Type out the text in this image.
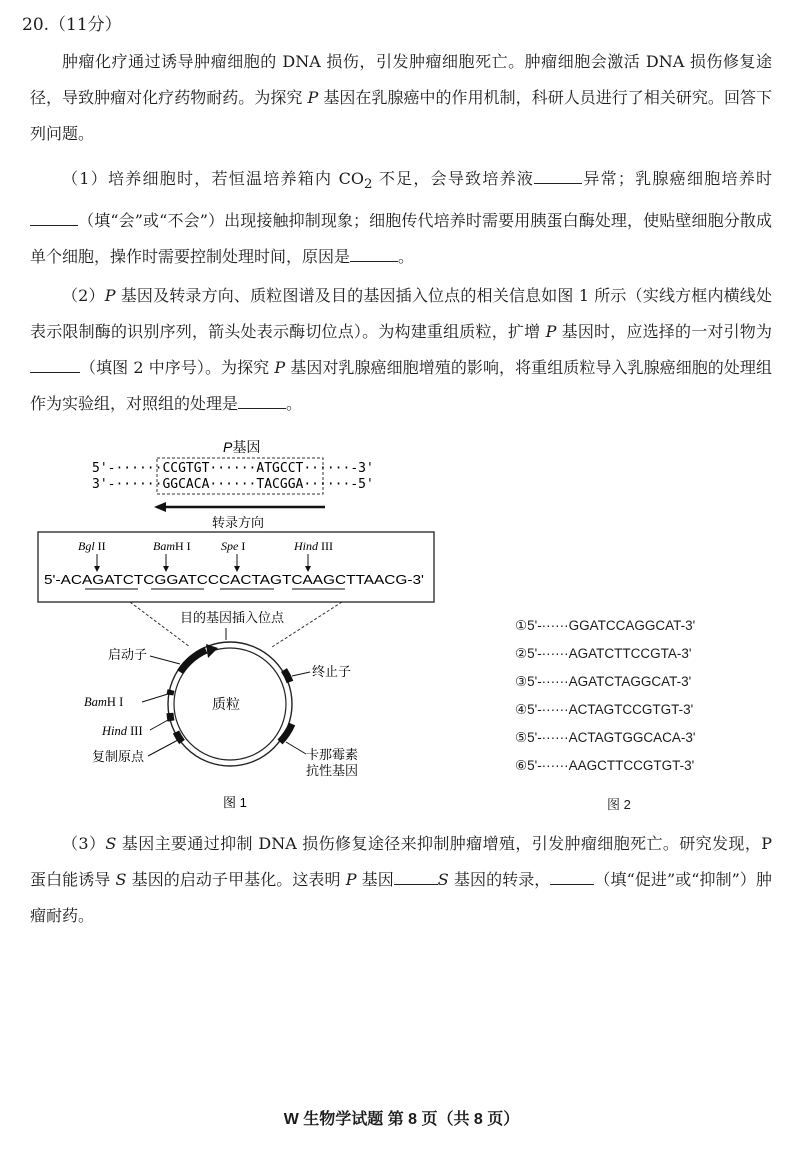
20.（11分）
肿瘤化疗通过诱导肿瘤细胞的 DNA 损伤，引发肿瘤细胞死亡。肿瘤细胞会激活 DNA 损伤修复途径，导致肿瘤对化疗药物耐药。为探究 P 基因在乳腺癌中的作用机制，科研人员进行了相关研究。回答下列问题。
（1）培养细胞时，若恒温培养箱内 $CO_2$ 不足，会导致培养液	异常；乳腺癌细胞培养时（填“会”或“不会”）出现接触抑制现象；细胞传代培养时需要用胰蛋白酶处理，使贴壁细胞分散成单个细胞，操作时需要控制处理时间，原因是	。
（2）P 基因及转录方向、质粒图谱及目的基因插入位点的相关信息如图 1 所示（实线方框内横线处表示限制酶的识别序列，箭头处表示酶切位点）。为构建重组质粒，扩增 P 基因时，应选择的一对引物为（填图 2 中序号）。为探究 P 基因对乳腺癌细胞增殖的影响，将重组质粒导入乳腺癌细胞的处理组作为实验组，对照组的处理是	。
P基因
5'-······CCGTGT······ATGCCT······-3'
3'-······GGCACA······TACGGA······-5'
转录方向
Bgl II	BamH I	Spe I	Hind III
5'-ACAGATCTCGGATCCCACTAGTCAAGCTTAACG-3'
目的基因插入位点
质粒
启动子
终止子
BamH I
Hind III
复制原点	卡那霉素
抗性基因
图 1
①5'-······GGATCCAGGCAT-3'
②5'-······AGATCTTCCGTA-3'
③5'-······AGATCTAGGCAT-3'
④5'-······ACTAGTCCGTGT-3'
⑤5'-······ACTAGTGGCACA-3'
⑥5'-······AAGCTTCCGTGT-3'
图 2
（3）S 基因主要通过抑制 DNA 损伤修复途径来抑制肿瘤增殖，引发肿瘤细胞死亡。研究发现，P 蛋白能诱导 S 基因的启动子甲基化。这表明 P 基因	S 基因的转录，	（填“促进”或“抑制”）肿瘤耐药。
W 生物学试题 第 8 页（共 8 页）
